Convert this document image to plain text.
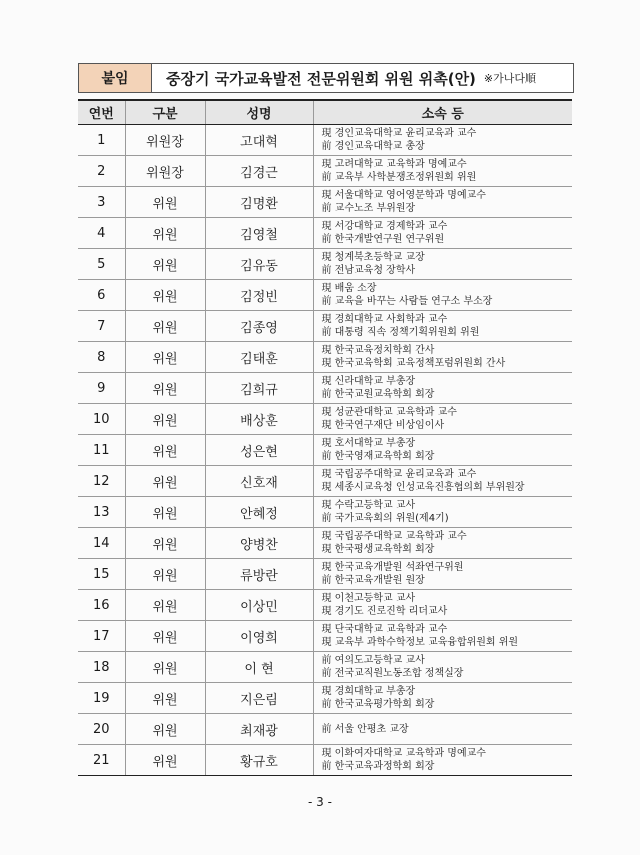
붙임	중장기 국가교육발전 전문위원회 위원 위촉(안) ※가나다順
연번	구분	성명	소속 등
1	위원장	고대혁	現 경인교육대학교 윤리교육과 교수
前 경인교육대학교 총장

2	위원장	김경근	現 고려대학교 교육학과 명예교수
前 교육부 사학분쟁조정위원회 위원

3	위원	김명환	現 서울대학교 영어영문학과 명예교수
前 교수노조 부위원장

4	위원	김영철	現 서강대학교 경제학과 교수
前 한국개발연구원 연구위원

5	위원	김유동	現 청계북초등학교 교장
前 전남교육청 장학사

6	위원	김정빈	現 배움 소장
前 교육을 바꾸는 사람들 연구소 부소장

7	위원	김종영	現 경희대학교 사회학과 교수
前 대통령 직속 정책기획위원회 위원

8	위원	김태훈	現 한국교육정치학회 간사
現 한국교육학회 교육정책포럼위원회 간사

9	위원	김희규	現 신라대학교 부총장
前 한국교원교육학회 회장

10	위원	배상훈	現 성균관대학교 교육학과 교수
現 한국연구재단 비상임이사

11	위원	성은현	現 호서대학교 부총장
前 한국영재교육학회 회장

12	위원	신호재	現 국립공주대학교 윤리교육과 교수
現 세종시교육청 인성교육진흥협의회 부위원장

13	위원	안혜정	現 수락고등학교 교사
前 국가교육회의 위원(제4기)

14	위원	양병찬	現 국립공주대학교 교육학과 교수
現 한국평생교육학회 회장

15	위원	류방란	現 한국교육개발원 석좌연구위원
前 한국교육개발원 원장

16	위원	이상민	現 이천고등학교 교사
現 경기도 진로진학 리더교사

17	위원	이영희	現 단국대학교 교육학과 교수
現 교육부 과학수학정보 교육융합위원회 위원

18	위원	이 현	前 여의도고등학교 교사
前 전국교직원노동조합 정책실장

19	위원	지은림	現 경희대학교 부총장
前 한국교육평가학회 회장

20	위원	최재광	前 서울 안평초 교장

21	위원	황규호	現 이화여자대학교 교육학과 명예교수
前 한국교육과정학회 회장
- 3 -
